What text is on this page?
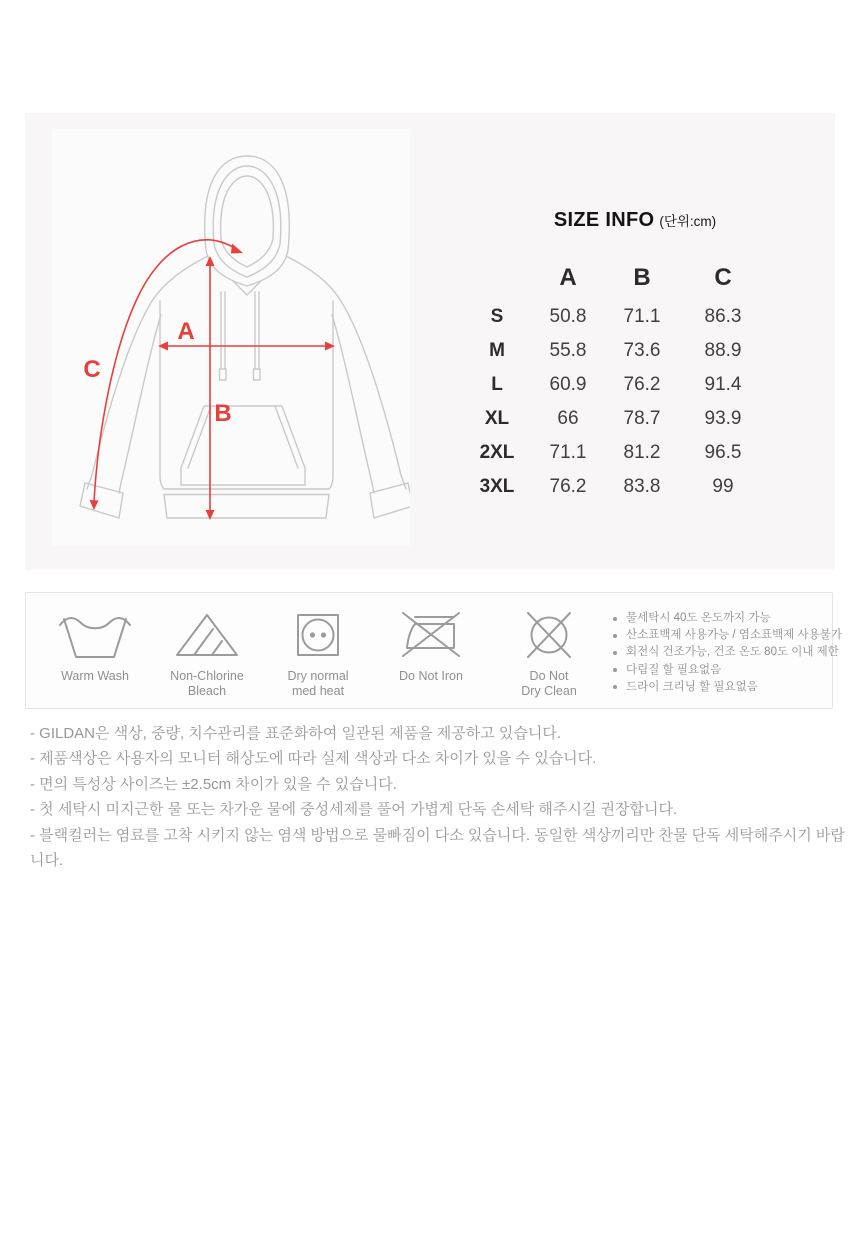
A
B
C
SIZE INFO (단위:cm)
A	B	C
S	50.8	71.1	86.3
M	55.8	73.6	88.9
L	60.9	76.2	91.4
XL	66	78.7	93.9
2XL	71.1	81.2	96.5
3XL	76.2	83.8	99
Warm Wash	Non-Chlorine
Bleach
Dry normal
med heat
Do Not Iron	Do Not
Dry Clean
물세탁시 40도 온도까지 가능
산소표백제 사용가능 / 염소표백제 사용불가
회전식 건조가능, 건조 온도 80도 이내 제한
다림질 할 필요없음
드라이 크리닝 할 필요없음
- GILDAN은 색상, 중량, 치수관리를 표준화하여 일관된 제품을 제공하고 있습니다.
- 제품색상은 사용자의 모니터 해상도에 따라 실제 색상과 다소 차이가 있을 수 있습니다.
- 면의 특성상 사이즈는 ±2.5cm 차이가 있을 수 있습니다.
- 첫 세탁시 미지근한 물 또는 차가운 물에 중성세제를 풀어 가볍게 단독 손세탁 해주시길 권장합니다.
- 블랙컬러는 염료를 고착 시키지 않는 염색 방법으로 물빠짐이 다소 있습니다. 동일한 색상끼리만 찬물 단독 세탁해주시기 바랍니다.
